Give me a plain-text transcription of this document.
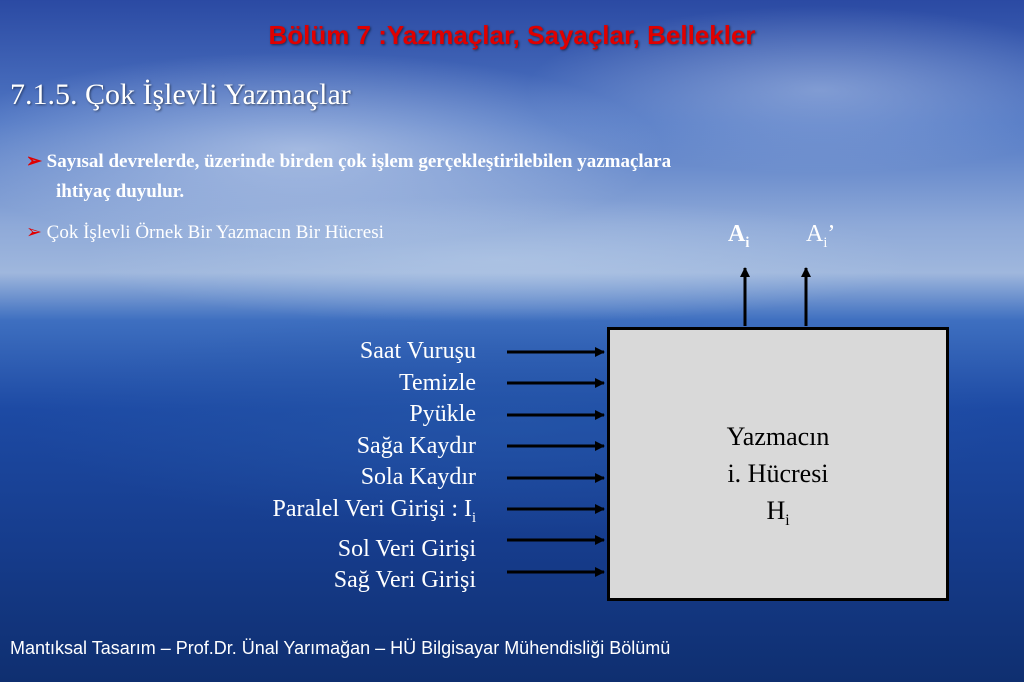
Bölüm 7 :Yazmaçlar, Sayaçlar, Bellekler
7.1.5. Çok İşlevli Yazmaçlar
➢ Sayısal devrelerde, üzerinde birden çok işlem gerçekleştirilebilen yazmaçlara
ihtiyaç duyulur.
➢ Çok İşlevli Örnek Bir Yazmacın Bir Hücresi
Saat Vuruşu
Temizle
Pyükle
Sağa Kaydır
Sola Kaydır
Paralel Veri Girişi : $I_i$
Sol Veri Girişi
Sağ Veri Girişi
Yazmacın
i. Hücresi
$H_i$
$A_i$ $A_i$’
Mantıksal Tasarım – Prof.Dr. Ünal Yarımağan – HÜ Bilgisayar Mühendisliği Bölümü
